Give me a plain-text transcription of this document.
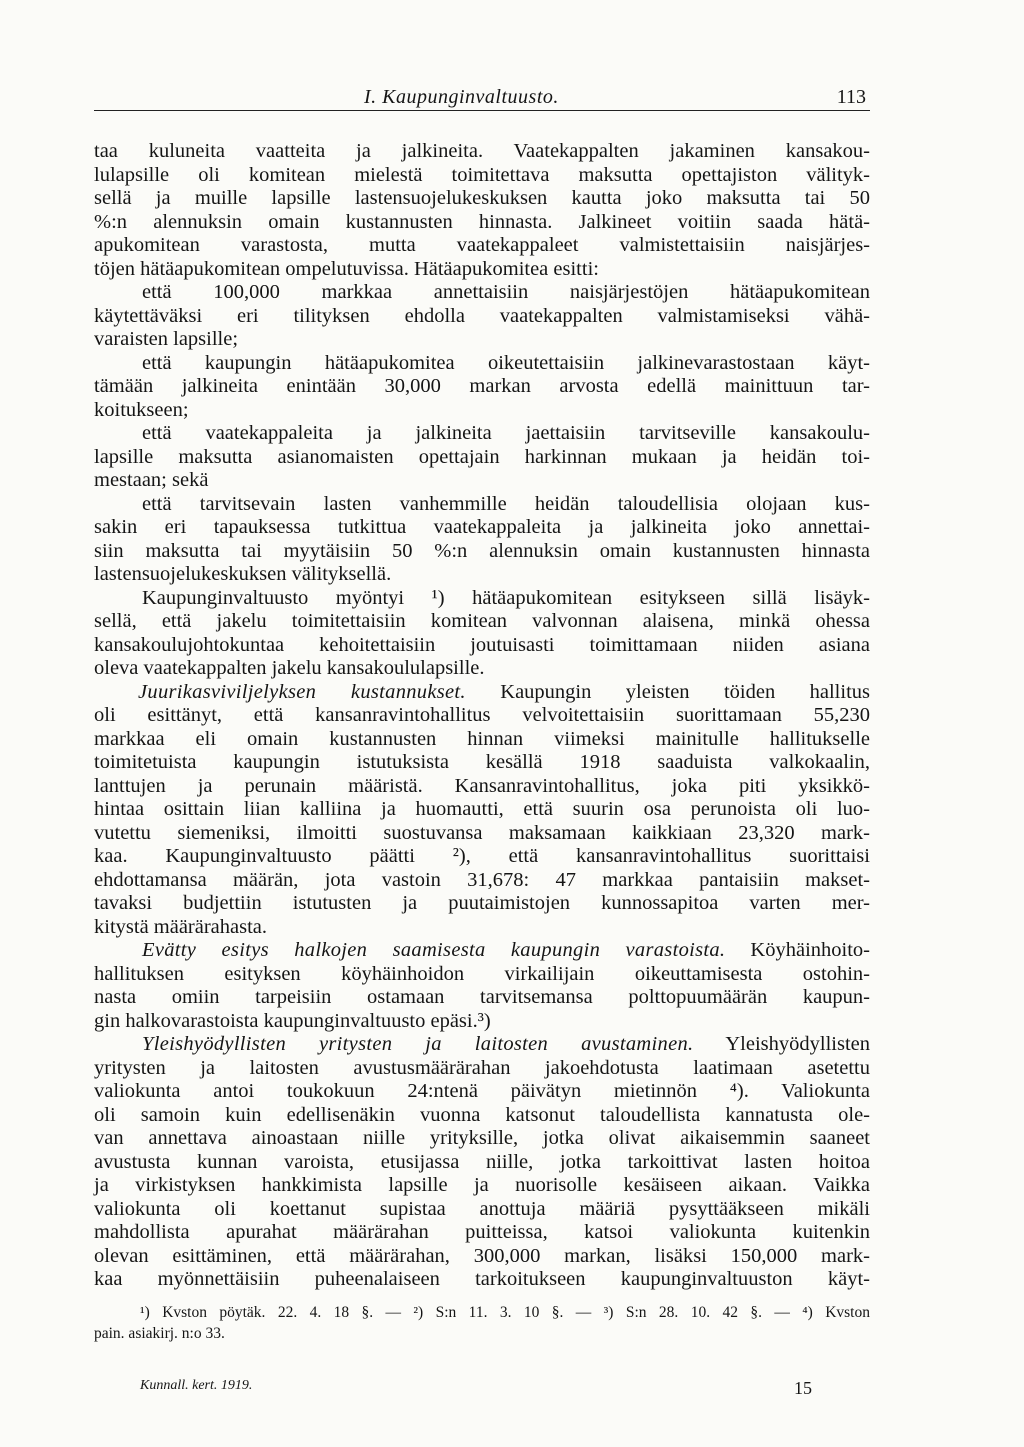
I. Kaupunginvaltuusto.	113
taa kuluneita vaatteita ja jalkineita. Vaatekappalten jakaminen kansakou-
lulapsille oli komitean mielestä toimitettava maksutta opettajiston välityk-
sellä ja muille lapsille lastensuojelukeskuksen kautta joko maksutta tai 50
%:n alennuksin omain kustannusten hinnasta. Jalkineet voitiin saada hätä-
apukomitean varastosta, mutta vaatekappaleet valmistettaisiin naisjärjes-
töjen hätäapukomitean ompelutuvissa. Hätäapukomitea esitti:
että 100,000 markkaa annettaisiin naisjärjestöjen hätäapukomitean
käytettäväksi eri tilityksen ehdolla vaatekappalten valmistamiseksi vähä-
varaisten lapsille;
että kaupungin hätäapukomitea oikeutettaisiin jalkinevarastostaan käyt-
tämään jalkineita enintään 30,000 markan arvosta edellä mainittuun tar-
koitukseen;
että vaatekappaleita ja jalkineita jaettaisiin tarvitseville kansakoulu-
lapsille maksutta asianomaisten opettajain harkinnan mukaan ja heidän toi-
mestaan; sekä
että tarvitsevain lasten vanhemmille heidän taloudellisia olojaan kus-
sakin eri tapauksessa tutkittua vaatekappaleita ja jalkineita joko annettai-
siin maksutta tai myytäisiin 50 %:n alennuksin omain kustannusten hinnasta
lastensuojelukeskuksen välityksellä.
Kaupunginvaltuusto myöntyi ¹) hätäapukomitean esitykseen sillä lisäyk-
sellä, että jakelu toimitettaisiin komitean valvonnan alaisena, minkä ohessa
kansakoulujohtokuntaa kehoitettaisiin joutuisasti toimittamaan niiden asiana
oleva vaatekappalten jakelu kansakoululapsille.
Juurikasviviljelyksen kustannukset. Kaupungin yleisten töiden hallitus
oli esittänyt, että kansanravintohallitus velvoitettaisiin suorittamaan 55,230
markkaa eli omain kustannusten hinnan viimeksi mainitulle hallitukselle
toimitetuista kaupungin istutuksista kesällä 1918 saaduista valkokaalin,
lanttujen ja perunain määristä. Kansanravintohallitus, joka piti yksikkö-
hintaa osittain liian kalliina ja huomautti, että suurin osa perunoista oli luo-
vutettu siemeniksi, ilmoitti suostuvansa maksamaan kaikkiaan 23,320 mark-
kaa. Kaupunginvaltuusto päätti ²), että kansanravintohallitus suorittaisi
ehdottamansa määrän, jota vastoin 31,678: 47 markkaa pantaisiin makset-
tavaksi budjettiin istutusten ja puutaimistojen kunnossapitoa varten mer-
kitystä määrärahasta.
Evätty esitys halkojen saamisesta kaupungin varastoista. Köyhäinhoito-
hallituksen esityksen köyhäinhoidon virkailijain oikeuttamisesta ostohin-
nasta omiin tarpeisiin ostamaan tarvitsemansa polttopuumäärän kaupun-
gin halkovarastoista kaupunginvaltuusto epäsi.³)
Yleishyödyllisten yritysten ja laitosten avustaminen. Yleishyödyllisten
yritysten ja laitosten avustusmäärärahan jakoehdotusta laatimaan asetettu
valiokunta antoi toukokuun 24:ntenä päivätyn mietinnön ⁴). Valiokunta
oli samoin kuin edellisenäkin vuonna katsonut taloudellista kannatusta ole-
van annettava ainoastaan niille yrityksille, jotka olivat aikaisemmin saaneet
avustusta kunnan varoista, etusijassa niille, jotka tarkoittivat lasten hoitoa
ja virkistyksen hankkimista lapsille ja nuorisolle kesäiseen aikaan. Vaikka
valiokunta oli koettanut supistaa anottuja määriä pysyttääkseen mikäli
mahdollista apurahat määrärahan puitteissa, katsoi valiokunta kuitenkin
olevan esittäminen, että määrärahan, 300,000 markan, lisäksi 150,000 mark-
kaa myönnettäisiin puheenalaiseen tarkoitukseen kaupunginvaltuuston käyt-
¹) Kvston pöytäk. 22. 4. 18 §. — ²) S:n 11. 3. 10 §. — ³) S:n 28. 10. 42 §. — ⁴) Kvston
pain. asiakirj. n:o 33.
Kunnall. kert. 1919.	15
